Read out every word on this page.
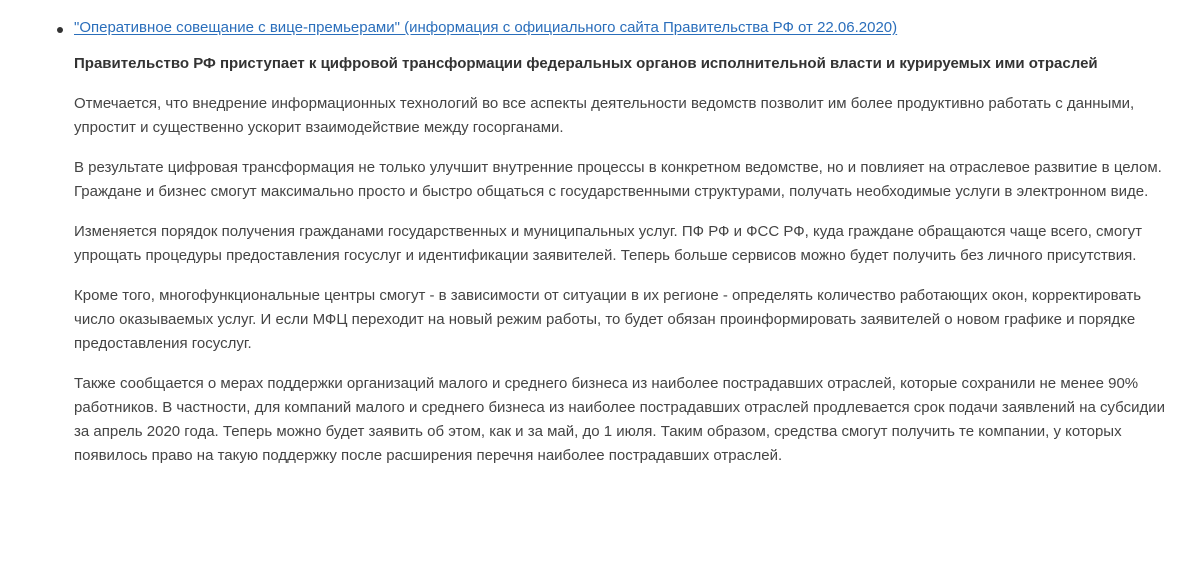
"Оперативное совещание с вице-премьерами" (информация с официального сайта Правительства РФ от 22.06.2020)

Правительство РФ приступает к цифровой трансформации федеральных органов исполнительной власти и курируемых ими отраслей

Отмечается, что внедрение информационных технологий во все аспекты деятельности ведомств позволит им более продуктивно работать с данными, упростит и существенно ускорит взаимодействие между госорганами.

В результате цифровая трансформация не только улучшит внутренние процессы в конкретном ведомстве, но и повлияет на отраслевое развитие в целом. Граждане и бизнес смогут максимально просто и быстро общаться с государственными структурами, получать необходимые услуги в электронном виде.

Изменяется порядок получения гражданами государственных и муниципальных услуг. ПФ РФ и ФСС РФ, куда граждане обращаются чаще всего, смогут упрощать процедуры предоставления госуслуг и идентификации заявителей. Теперь больше сервисов можно будет получить без личного присутствия.

Кроме того, многофункциональные центры смогут - в зависимости от ситуации в их регионе - определять количество работающих окон, корректировать число оказываемых услуг. И если МФЦ переходит на новый режим работы, то будет обязан проинформировать заявителей о новом графике и порядке предоставления госуслуг.

Также сообщается о мерах поддержки организаций малого и среднего бизнеса из наиболее пострадавших отраслей, которые сохранили не менее 90% работников. В частности, для компаний малого и среднего бизнеса из наиболее пострадавших отраслей продлевается срок подачи заявлений на субсидии за апрель 2020 года. Теперь можно будет заявить об этом, как и за май, до 1 июля. Таким образом, средства смогут получить те компании, у которых появилось право на такую поддержку после расширения перечня наиболее пострадавших отраслей.
